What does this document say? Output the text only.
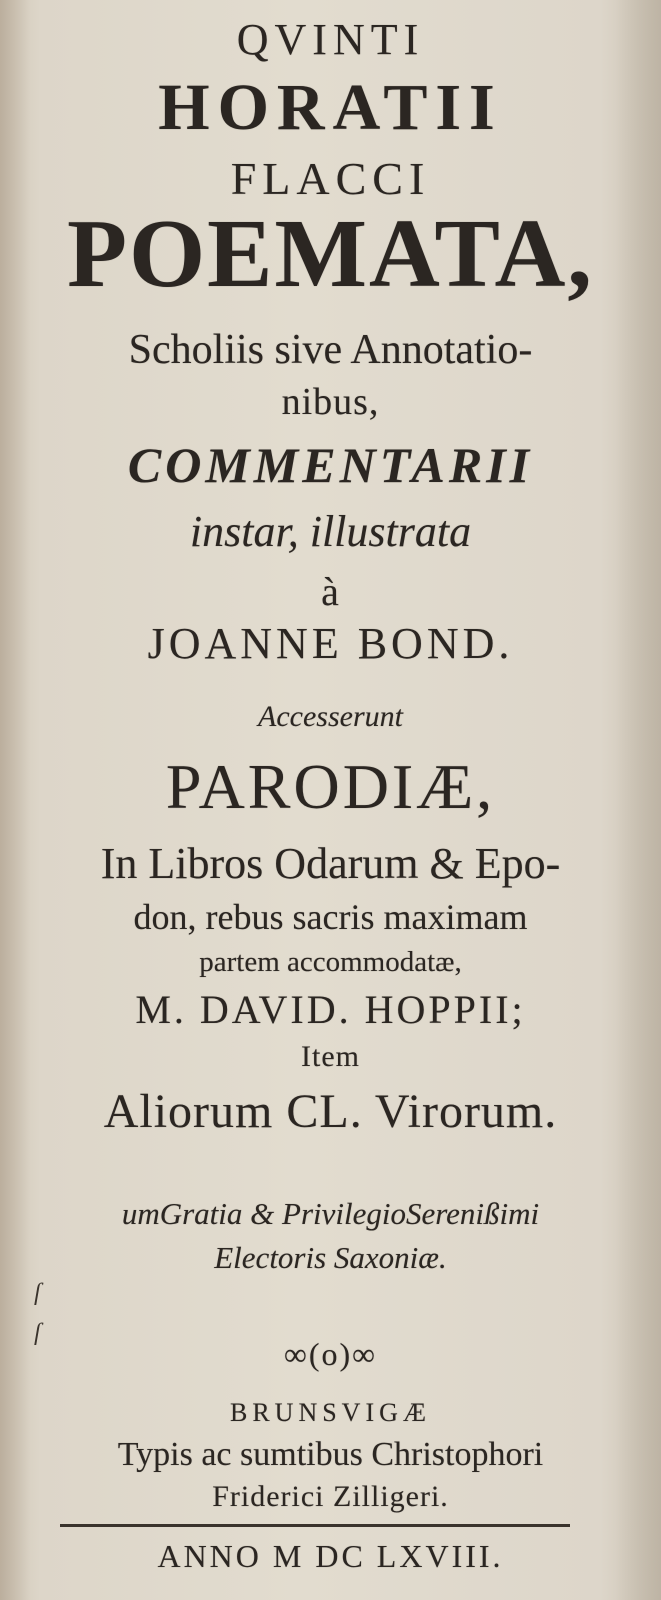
QVINTI
HORATII
FLACCI
POEMATA,
Scholiis sive Annotatio-
nibus,
COMMENTARII
instar, illustrata
à
JOANNE BOND.
Accesserunt
PARODIÆ,
In Libros Odarum & Epo-
don, rebus sacris maximam
partem accommodatæ,
M. DAVID. HOPPII;
Item
Aliorum CL. Virorum.
umGratia & PrivilegioSerenißimi
Electoris Saxoniæ.
ſ
ſ
∞(o)∞
BRUNSVIGÆ
Typis ac sumtibus Christophori
Friderici Zilligeri.
ANNO M DC LXVIII.
